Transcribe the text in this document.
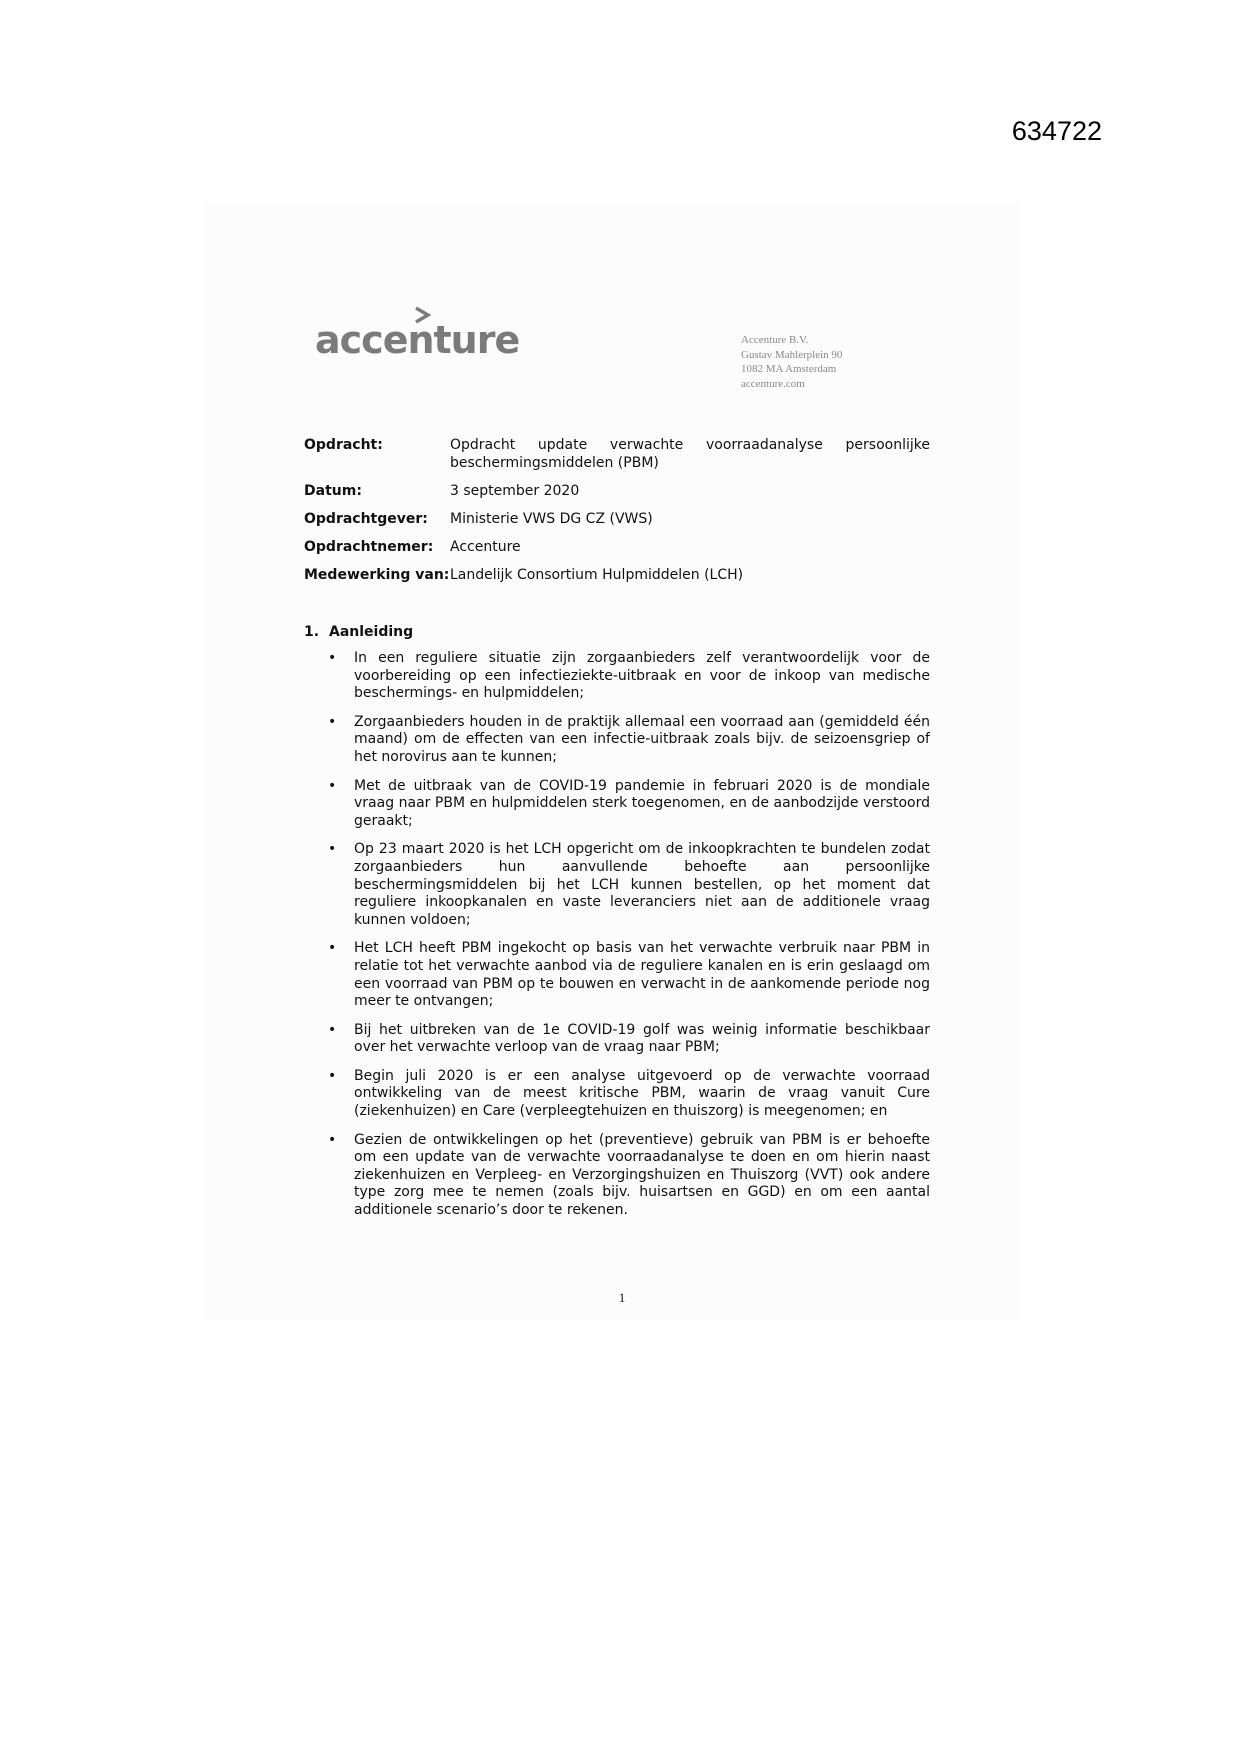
634722
accenture	Accenture B.V.
Gustav Mahlerplein 90
1082 MA Amsterdam
accenture.com
Opdracht:	Opdracht update verwachte voorraadanalyse persoonlijke beschermingsmiddelen (PBM)
Datum:	3 september 2020
Opdrachtgever:	Ministerie VWS DG CZ (VWS)
Opdrachtnemer:	Accenture
Medewerking van: Landelijk Consortium Hulpmiddelen (LCH)
1. Aanleiding
• In een reguliere situatie zijn zorgaanbieders zelf verantwoordelijk voor de voorbereiding op een infectieziekte-uitbraak en voor de inkoop van medische beschermings- en hulpmiddelen;
• Zorgaanbieders houden in de praktijk allemaal een voorraad aan (gemiddeld één maand) om de effecten van een infectie-uitbraak zoals bijv. de seizoensgriep of het norovirus aan te kunnen;
• Met de uitbraak van de COVID-19 pandemie in februari 2020 is de mondiale vraag naar PBM en hulpmiddelen sterk toegenomen, en de aanbodzijde verstoord geraakt;
• Op 23 maart 2020 is het LCH opgericht om de inkoopkrachten te bundelen zodat zorgaanbieders hun aanvullende behoefte aan persoonlijke beschermingsmiddelen bij het LCH kunnen bestellen, op het moment dat reguliere inkoopkanalen en vaste leveranciers niet aan de additionele vraag kunnen voldoen;
• Het LCH heeft PBM ingekocht op basis van het verwachte verbruik naar PBM in relatie tot het verwachte aanbod via de reguliere kanalen en is erin geslaagd om een voorraad van PBM op te bouwen en verwacht in de aankomende periode nog meer te ontvangen;
• Bij het uitbreken van de 1e COVID-19 golf was weinig informatie beschikbaar over het verwachte verloop van de vraag naar PBM;
• Begin juli 2020 is er een analyse uitgevoerd op de verwachte voorraad ontwikkeling van de meest kritische PBM, waarin de vraag vanuit Cure (ziekenhuizen) en Care (verpleegtehuizen en thuiszorg) is meegenomen; en
• Gezien de ontwikkelingen op het (preventieve) gebruik van PBM is er behoefte om een update van de verwachte voorraadanalyse te doen en om hierin naast ziekenhuizen en Verpleeg- en Verzorgingshuizen en Thuiszorg (VVT) ook andere type zorg mee te nemen (zoals bijv. huisartsen en GGD) en om een aantal additionele scenario’s door te rekenen.
1
